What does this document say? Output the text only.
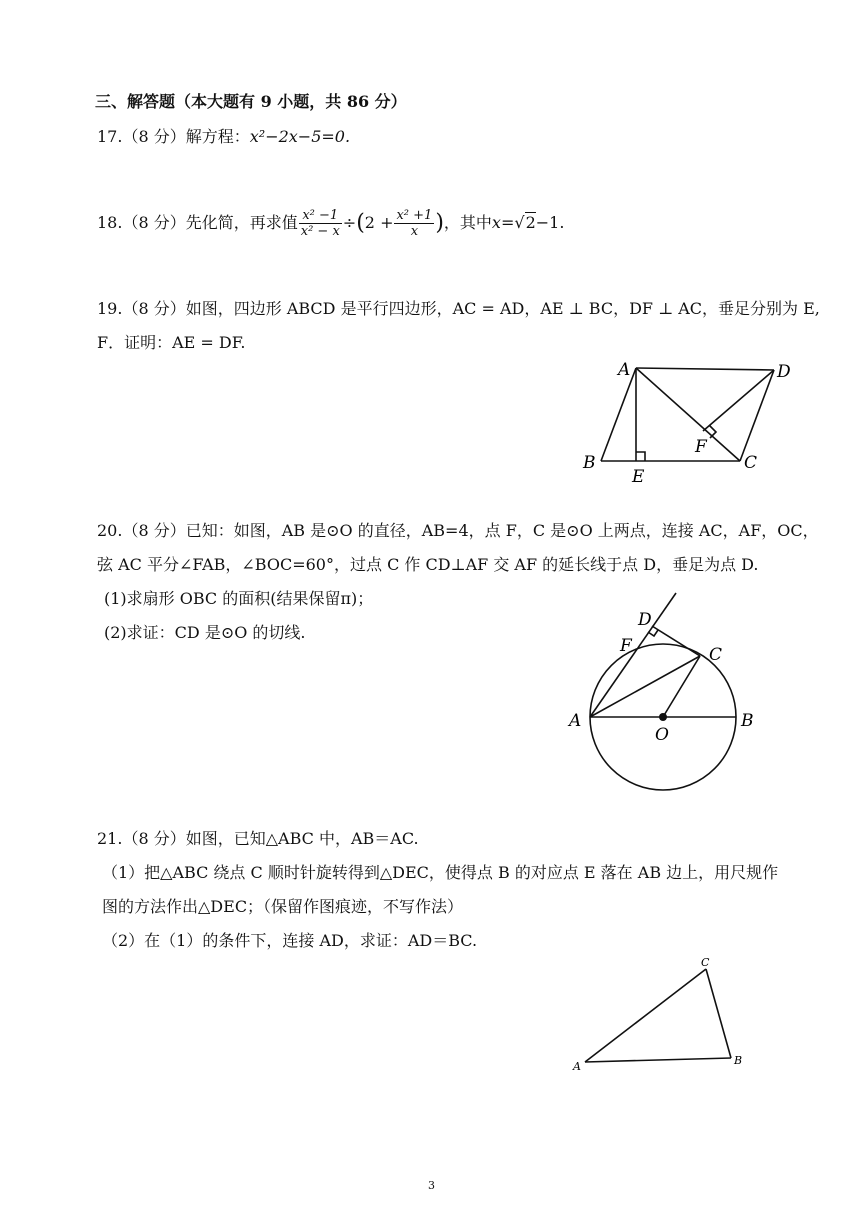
三、解答题（本大题有 9 小题，共 86 分）
17.（8 分）解方程：x²−2x−5=0.
18.（8 分）先化简，再求值 $\frac{\text{x² −1}}{\text{x² − x}} \div(2 + \frac{\text{x² +1}}{x}$ )，其中x=√2−1.
19.（8 分）如图，四边形 ABCD 是平行四边形，AC = AD，AE ⊥ BC，DF ⊥ AC，垂足分别为 E,
F．证明：AE = DF.
A	D
B	C
E
F
20.（8 分）已知：如图，AB 是⊙O 的直径，AB=4，点 F，C 是⊙O 上两点，连接 AC，AF，OC，
弦 AC 平分∠FAB，∠BOC=60°，过点 C 作 CD⊥AF 交 AF 的延长线于点 D，垂足为点 D.
(1)求扇形 OBC 的面积(结果保留π)；
(2)求证：CD 是⊙O 的切线.
A	B
O
C
D
F
21.（8 分）如图，已知△ABC 中，AB＝AC.
（1）把△ABC 绕点 C 顺时针旋转得到△DEC，使得点 B 的对应点 E 落在 AB 边上，用尺规作
图的方法作出△DEC；（保留作图痕迹，不写作法）
（2）在（1）的条件下，连接 AD，求证：AD＝BC.
C
A	B
3
